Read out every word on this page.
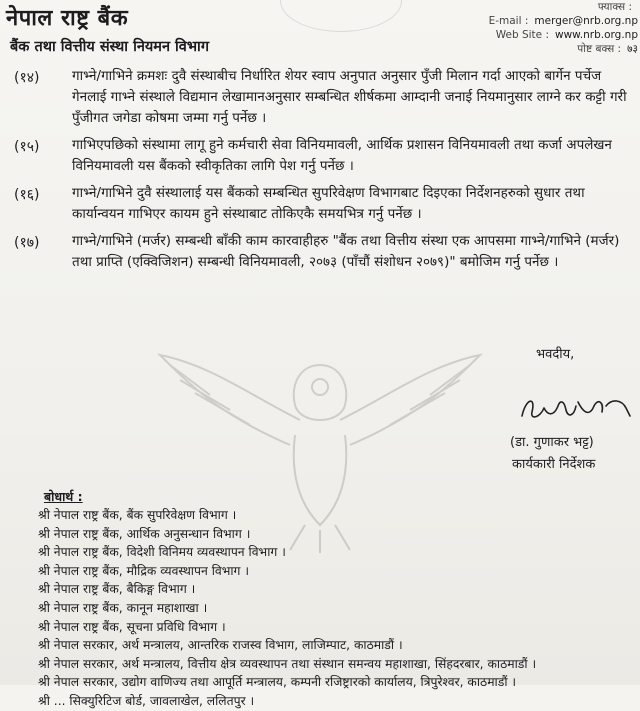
नेपाल राष्ट्र बैंक
बैंक तथा वित्तीय संस्था नियमन विभाग
फ्याक्स :
E-mail : merger@nrb.org.np
Web Site : www.nrb.org.np
पोष्ट बक्स : ७३
(१४)	गाभ्ने/गाभिने क्रमशः दुवै संस्थाबीच निर्धारित शेयर स्वाप अनुपात अनुसार पुँजी मिलान गर्दा आएको बार्गेन पर्चेज गेनलाई गाभ्ने संस्थाले विद्यमान लेखामानअनुसार सम्बन्धित शीर्षकमा आम्दानी जनाई नियमानुसार लाग्ने कर कट्टी गरी पुँजीगत जगेडा कोषमा जम्मा गर्नु पर्नेछ ।
(१५)	गाभिएपछिको संस्थामा लागू हुने कर्मचारी सेवा विनियमावली, आर्थिक प्रशासन विनियमावली तथा कर्जा अपलेखन विनियमावली यस बैंकको स्वीकृतिका लागि पेश गर्नु पर्नेछ ।
(१६)	गाभ्ने/गाभिने दुवै संस्थालाई यस बैंकको सम्बन्धित सुपरिवेक्षण विभागबाट दिइएका निर्देशनहरुको सुधार तथा कार्यान्वयन गाभिएर कायम हुने संस्थाबाट तोकिएकै समयभित्र गर्नु पर्नेछ ।
(१७)	गाभ्ने/गाभिने (मर्जर) सम्बन्धी बाँकी काम कारवाहीहरु "बैंक तथा वित्तीय संस्था एक आपसमा गाभ्ने/गाभिने (मर्जर) तथा प्राप्ति (एक्विजिशन) सम्बन्धी विनियमावली, २०७३ (पाँचौं संशोधन २०७९)" बमोजिम गर्नु पर्नेछ ।
भवदीय,
(डा. गुणाकर भट्ट)
कार्यकारी निर्देशक
बोधार्थ :
श्री नेपाल राष्ट्र बैंक, बैंक सुपरिवेक्षण विभाग ।
श्री नेपाल राष्ट्र बैंक, आर्थिक अनुसन्धान विभाग ।
श्री नेपाल राष्ट्र बैंक, विदेशी विनिमय व्यवस्थापन विभाग ।
श्री नेपाल राष्ट्र बैंक, मौद्रिक व्यवस्थापन विभाग ।
श्री नेपाल राष्ट्र बैंक, बैकिङ्ग विभाग ।
श्री नेपाल राष्ट्र बैंक, कानून महाशाखा ।
श्री नेपाल राष्ट्र बैंक, सूचना प्रविधि विभाग ।
श्री नेपाल सरकार, अर्थ मन्त्रालय, आन्तरिक राजस्व विभाग, लाजिम्पाट, काठमाडौं ।
श्री नेपाल सरकार, अर्थ मन्त्रालय, वित्तीय क्षेत्र व्यवस्थापन तथा संस्थान समन्वय महाशाखा, सिंहदरबार, काठमाडौं ।
श्री नेपाल सरकार, उद्योग वाणिज्य तथा आपूर्ति मन्त्रालय, कम्पनी रजिष्ट्रारको कार्यालय, त्रिपुरेश्वर, काठमाडौं ।
श्री ... सिक्युरिटिज बोर्ड, जावलाखेल, ललितपुर ।
